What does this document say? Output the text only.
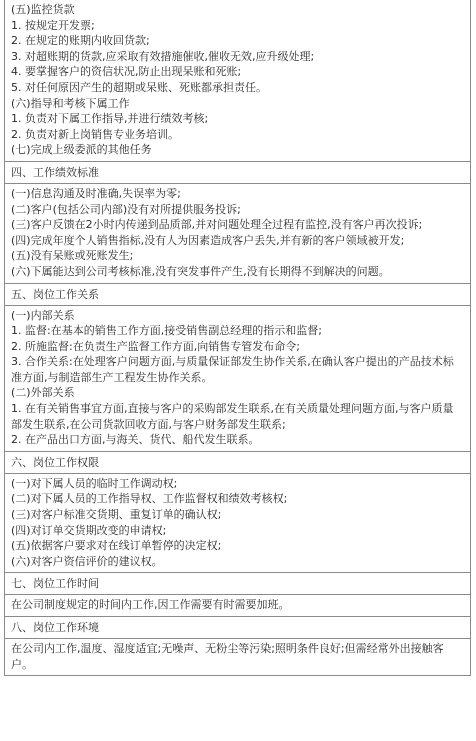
(五)监控货款
1. 按规定开发票;
2. 在规定的账期内收回货款;
3. 对超账期的货款,应采取有效措施催收,催收无效,应升级处理;
4. 要掌握客户的资信状况,防止出现呆账和死账;
5. 对任何原因产生的超期或呆账、死账都承担责任。
(六)指导和考核下属工作
1. 负责对下属工作指导,并进行绩效考核;
2. 负责对新上岗销售专业务培训。
(七)完成上级委派的其他任务
四、工作绩效标准
(一)信息沟通及时准确,失误率为零;
(二)客户(包括公司内部)没有对所提供服务投诉;
(三)客户反馈在2小时内传递到品质部,并对问题处理全过程有监控,没有客户再次投诉;
(四)完成年度个人销售指标,没有人为因素造成客户丢失,并有新的客户领域被开发;
(五)没有呆账或死账发生;
(六)下属能达到公司考核标准,没有突发事件产生,没有长期得不到解决的问题。
五、岗位工作关系
(一)内部关系
1. 监督:在基本的销售工作方面,接受销售副总经理的指示和监督;
2. 所施监督:在负责生产监督工作方面,向销售专管发布命令;
3. 合作关系:在处理客户问题方面,与质量保证部发生协作关系,在确认客户提出的产品技术标准方面,与制造部生产工程发生协作关系。
(二)外部关系
1. 在有关销售事宜方面,直接与客户的采购部发生联系,在有关质量处理问题方面,与客户质量部发生联系,在公司货款回收方面,与客户财务部发生联系;
2. 在产品出口方面,与海关、货代、船代发生联系。
六、岗位工作权限
(一)对下属人员的临时工作调动权;
(二)对下属人员的工作指导权、工作监督权和绩效考核权;
(三)对客户标准交货期、重复订单的确认权;
(四)对订单交货期改变的申请权;
(五)依据客户要求对在线订单暂停的决定权;
(六)对客户资信评价的建议权。
七、岗位工作时间
在公司制度规定的时间内工作,因工作需要有时需要加班。
八、岗位工作环境
在公司内工作,温度、湿度适宜;无噪声、无粉尘等污染;照明条件良好;但需经常外出接触客户。
